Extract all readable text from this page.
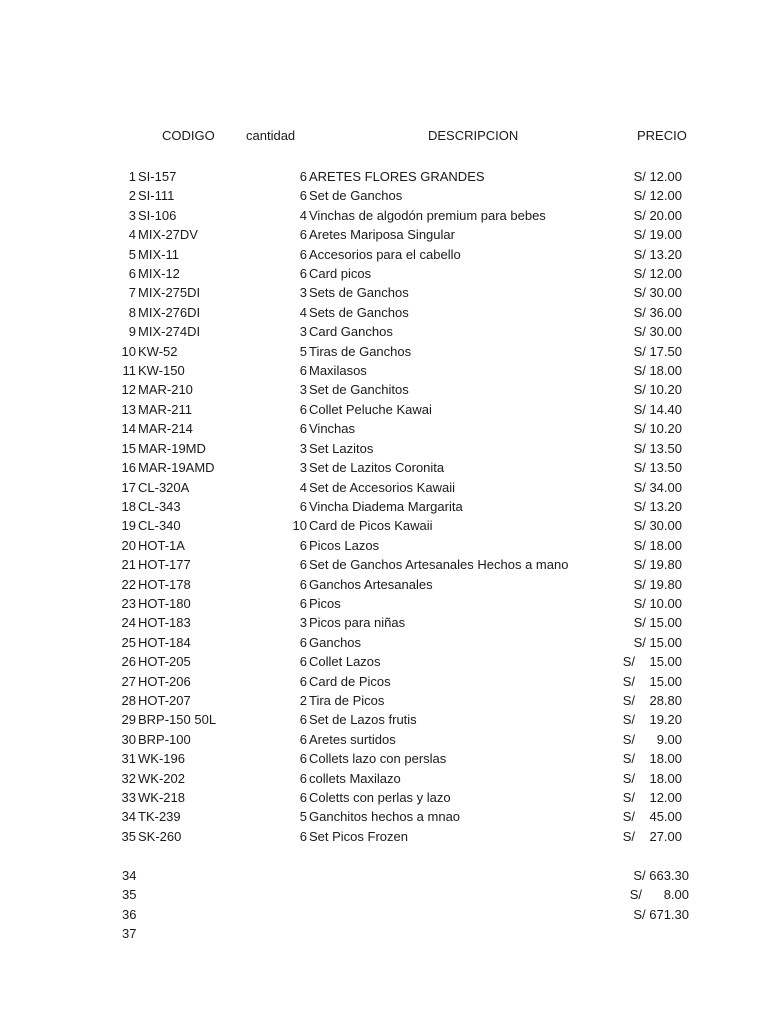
CODIGO cantidad	DESCRIPCION	PRECIO
1 SI-157	6 ARETES FLORES GRANDES	S/ 12.00
2 SI-111	6 Set de Ganchos	S/ 12.00
3 SI-106	4 Vinchas de algodón premium para bebes	S/ 20.00
4 MIX-27DV	6 Aretes Mariposa Singular	S/ 19.00
5 MIX-11	6 Accesorios para el cabello	S/ 13.20
6 MIX-12	6 Card picos	S/ 12.00
7 MIX-275DI	3 Sets de Ganchos	S/ 30.00
8 MIX-276DI	4 Sets de Ganchos	S/ 36.00
9 MIX-274DI	3 Card Ganchos	S/ 30.00
10 KW-52	5 Tiras de Ganchos	S/ 17.50
11 KW-150	6 Maxilasos	S/ 18.00
12 MAR-210	3 Set de Ganchitos	S/ 10.20
13 MAR-211	6 Collet Peluche Kawai	S/ 14.40
14 MAR-214	6 Vinchas	S/ 10.20
15 MAR-19MD	3 Set Lazitos	S/ 13.50
16 MAR-19AMD	3 Set de Lazitos Coronita	S/ 13.50
17 CL-320A	4 Set de Accesorios Kawaii	S/ 34.00
18 CL-343	6 Vincha Diadema Margarita	S/ 13.20
19 CL-340	10 Card de Picos Kawaii	S/ 30.00
20 HOT-1A	6 Picos Lazos	S/ 18.00
21 HOT-177	6 Set de Ganchos Artesanales Hechos a mano	S/ 19.80
22 HOT-178	6 Ganchos Artesanales	S/ 19.80
23 HOT-180	6 Picos	S/ 10.00
24 HOT-183	3 Picos para niñas	S/ 15.00
25 HOT-184	6 Ganchos	S/ 15.00
26 HOT-205	6 Collet Lazos	S/    15.00
27 HOT-206	6 Card de Picos	S/    15.00
28 HOT-207	2 Tira de Picos	S/    28.80
29 BRP-150 50L	6 Set de Lazos frutis	S/    19.20
30 BRP-100	6 Aretes surtidos	S/      9.00
31 WK-196	6 Collets lazo con perslas	S/    18.00
32 WK-202	6 collets Maxilazo	S/    18.00
33 WK-218	6 Coletts con perlas y lazo	S/    12.00
34 TK-239	5 Ganchitos hechos a mnao	S/    45.00
35 SK-260	6 Set Picos Frozen	S/    27.00
34	S/ 663.30
35	S/      8.00
36	S/ 671.30
37
